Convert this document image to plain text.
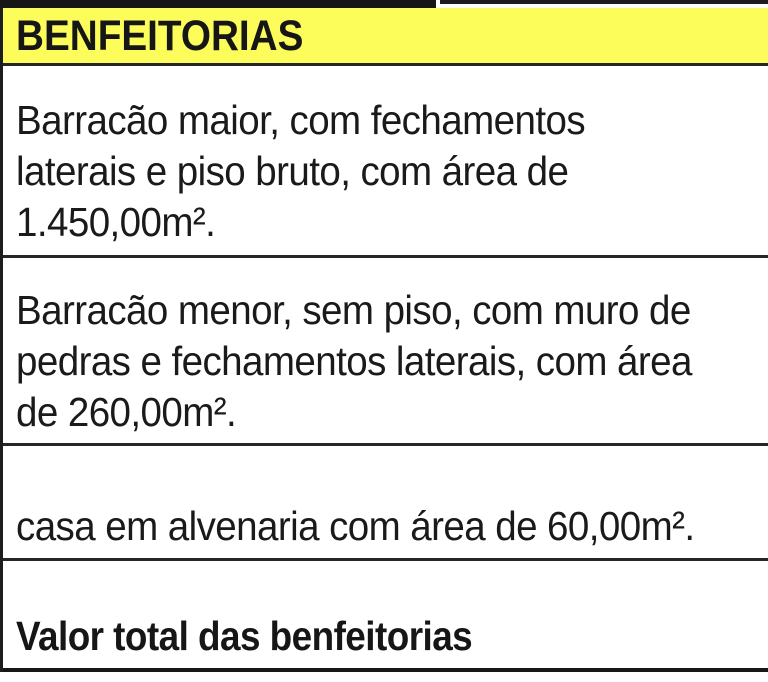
BENFEITORIAS
Barracão maior, com fechamentos
laterais e piso bruto, com área de
1.450,00m².
Barracão menor, sem piso, com muro de
pedras e fechamentos laterais, com área
de 260,00m².
casa em alvenaria com área de 60,00m².
Valor total das benfeitorias
